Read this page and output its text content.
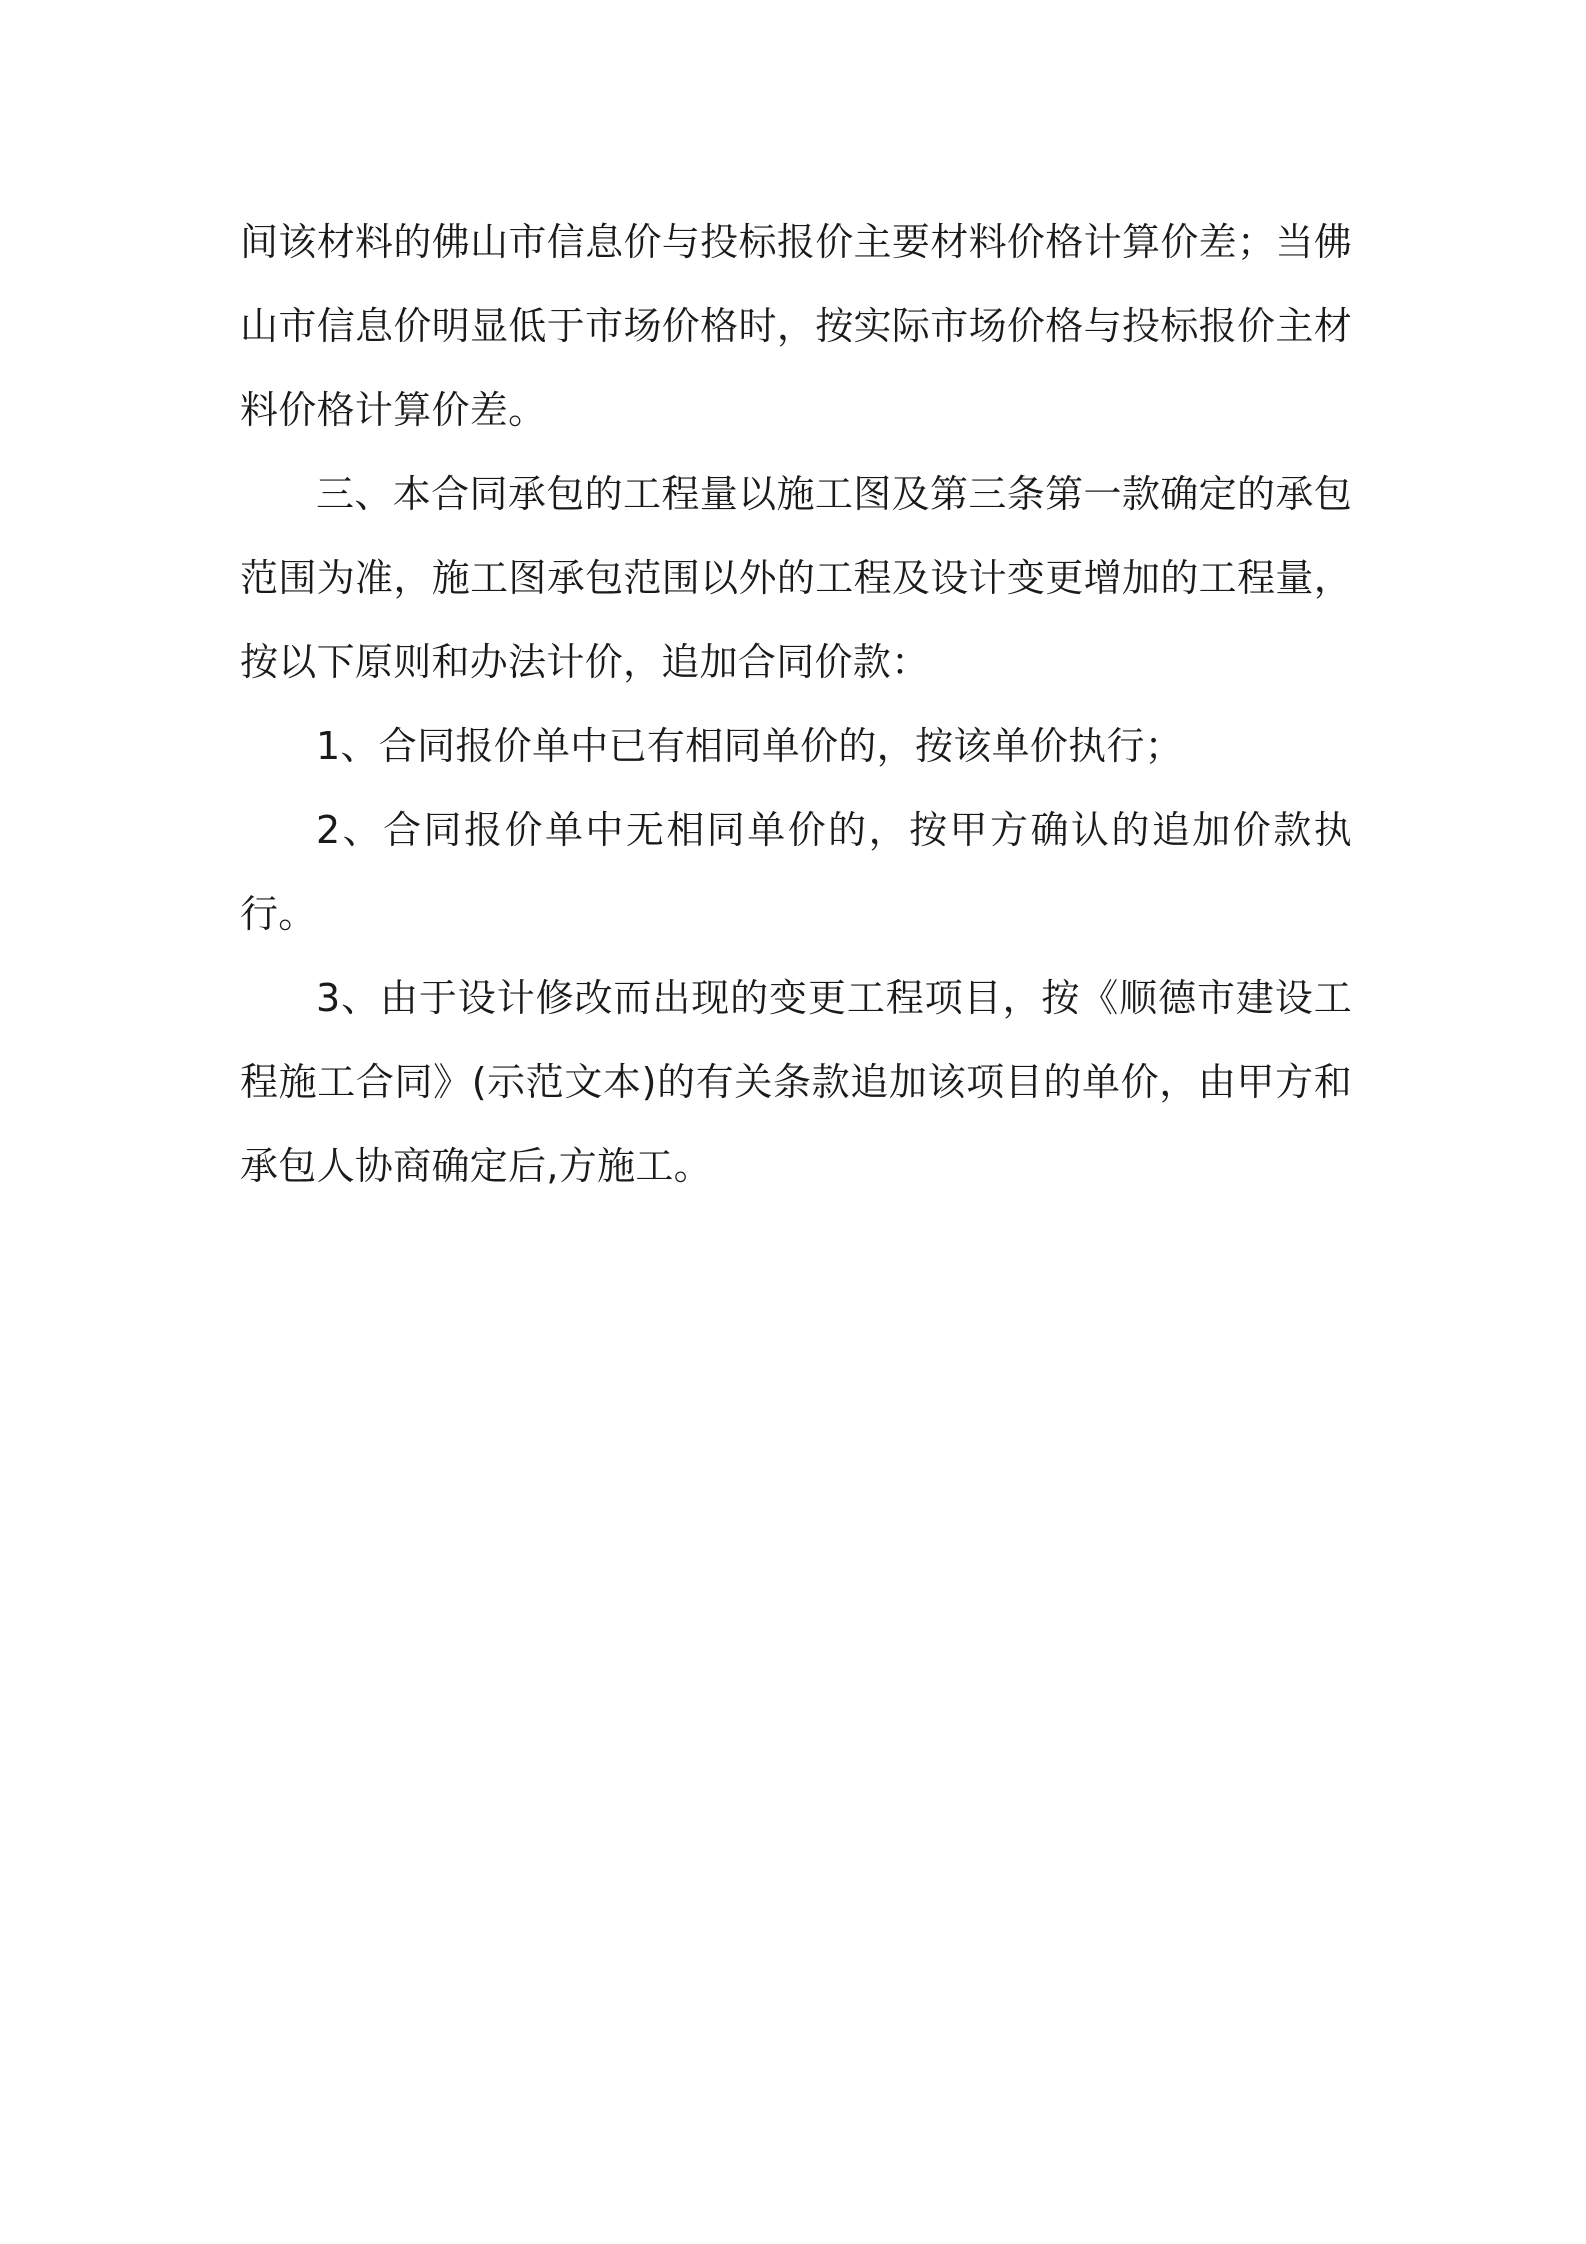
间该材料的佛山市信息价与投标报价主要材料价格计算价差；当佛山市信息价明显低于市场价格时，按实际市场价格与投标报价主材料价格计算价差。

三、本合同承包的工程量以施工图及第三条第一款确定的承包范围为准，施工图承包范围以外的工程及设计变更增加的工程量，按以下原则和办法计价，追加合同价款：

1、合同报价单中已有相同单价的，按该单价执行；

2、合同报价单中无相同单价的，按甲方确认的追加价款执行。

3、由于设计修改而出现的变更工程项目，按《顺德市建设工程施工合同》(示范文本)的有关条款追加该项目的单价，由甲方和承包人协商确定后,方施工。
